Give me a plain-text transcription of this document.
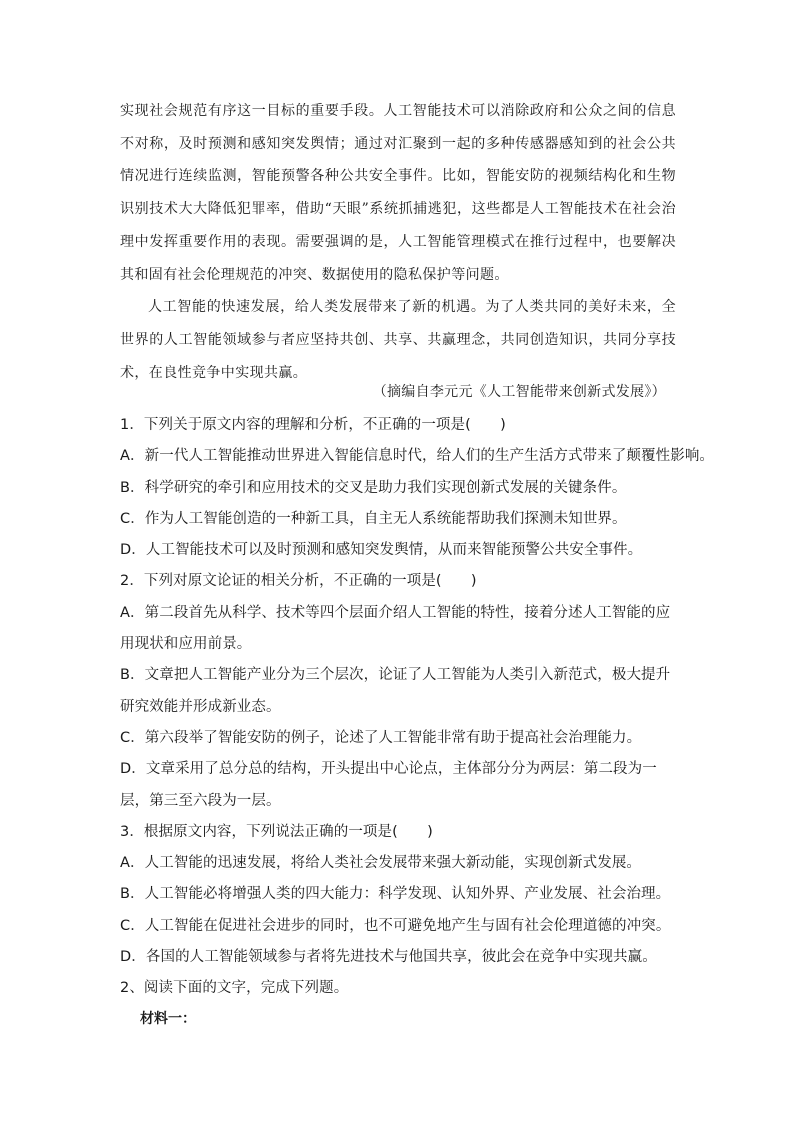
实现社会规范有序这一目标的重要手段。人工智能技术可以消除政府和公众之间的信息不对称，及时预测和感知突发舆情；通过对汇聚到一起的多种传感器感知到的社会公共情况进行连续监测，智能预警各种公共安全事件。比如，智能安防的视频结构化和生物识别技术大大降低犯罪率，借助“天眼”系统抓捕逃犯，这些都是人工智能技术在社会治理中发挥重要作用的表现。需要强调的是，人工智能管理模式在推行过程中，也要解决其和固有社会伦理规范的冲突、数据使用的隐私保护等问题。

人工智能的快速发展，给人类发展带来了新的机遇。为了人类共同的美好未来，全世界的人工智能领域参与者应坚持共创、共享、共赢理念，共同创造知识，共同分享技术，在良性竞争中实现共赢。

（摘编自李元元《人工智能带来创新式发展》）

1．下列关于原文内容的理解和分析，不正确的一项是(　　)

A．新一代人工智能推动世界进入智能信息时代，给人们的生产生活方式带来了颠覆性影响。

B．科学研究的牵引和应用技术的交叉是助力我们实现创新式发展的关键条件。

C．作为人工智能创造的一种新工具，自主无人系统能帮助我们探测未知世界。

D．人工智能技术可以及时预测和感知突发舆情，从而来智能预警公共安全事件。

2．下列对原文论证的相关分析，不正确的一项是(　　)

A．第二段首先从科学、技术等四个层面介绍人工智能的特性，接着分述人工智能的应用现状和应用前景。

B．文章把人工智能产业分为三个层次，论证了人工智能为人类引入新范式，极大提升研究效能并形成新业态。

C．第六段举了智能安防的例子，论述了人工智能非常有助于提高社会治理能力。

D．文章采用了总分总的结构，开头提出中心论点，主体部分分为两层：第二段为一层，第三至六段为一层。

3．根据原文内容，下列说法正确的一项是(　　)

A．人工智能的迅速发展，将给人类社会发展带来强大新动能，实现创新式发展。

B．人工智能必将增强人类的四大能力：科学发现、认知外界、产业发展、社会治理。

C．人工智能在促进社会进步的同时，也不可避免地产生与固有社会伦理道德的冲突。

D．各国的人工智能领域参与者将先进技术与他国共享，彼此会在竞争中实现共赢。

2、阅读下面的文字，完成下列题。

材料一：
